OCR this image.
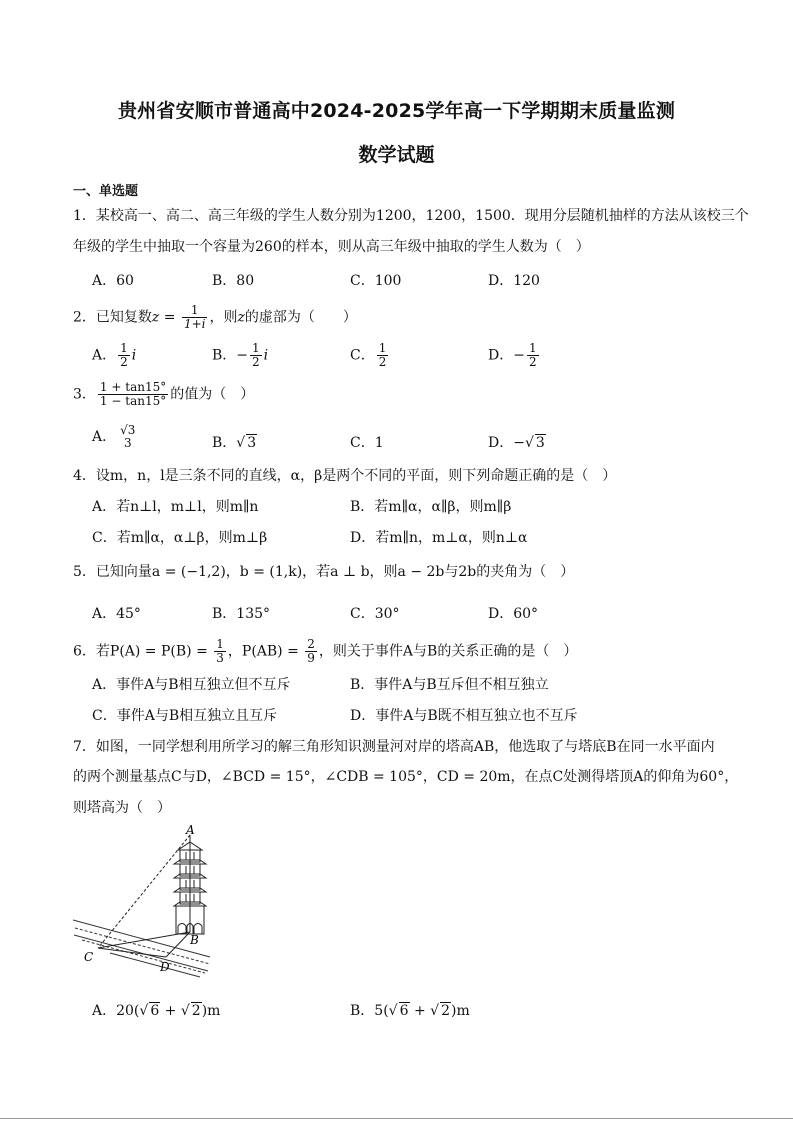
贵州省安顺市普通高中2024-2025学年高一下学期期末质量监测
数学试题
一、单选题
1．某校高一、高二、高三年级的学生人数分别为1200，1200，1500．现用分层随机抽样的方法从该校三个
年级的学生中抽取一个容量为260的样本，则从高三年级中抽取的学生人数为（　）
A．60	B．80	C．100	D．120
2．已知复数$z = \frac{1}{1+i}$ ，则z的虚部为（　　）
A． $\frac{1}{2}$ i	B．− $\frac{1}{2}$ i	C． $\frac{1}{2}$	D．− $\frac{1}{2}$
3． $\frac{1 + \tan 15^\circ}{1 - \tan 15^\circ}$ 的值为（　）
A． √3
3	B．√ 3	C．1	D．−√ 3
4．设m，n，l是三条不同的直线，α，β是两个不同的平面，则下列命题正确的是（　）
A．若n⊥l，m⊥l，则m∥n	B．若m∥α，α∥β，则m∥β
C．若m∥α，α⊥β，则m⊥β	D．若m∥n，m⊥α，则n⊥α
5．已知向量a = (−1,2)，b = (1,k)，若a ⊥ b，则a − 2b与2b的夹角为（　）
A．45°	B．135°	C．30°	D．60°
6．若$P(A) = P(B) = \frac{1}{3}$ ，$P(AB) = \frac{2}{9}$ ，则关于事件A与B的关系正确的是（　）
A．事件A与B相互独立但不互斥	B．事件A与B互斥但不相互独立
C．事件A与B相互独立且互斥	D．事件A与B既不相互独立也不互斥
7．如图，一同学想利用所学习的解三角形知识测量河对岸的塔高AB，他选取了与塔底B在同一水平面内
的两个测量基点C与D，∠BCD = 15°，∠CDB = 105°，CD = 20m，在点C处测得塔顶A的仰角为60°，
则塔高为（　）
A
B
C
D
A．20(√ 6 + √ 2)m	B．5(√ 6 + √ 2)m
